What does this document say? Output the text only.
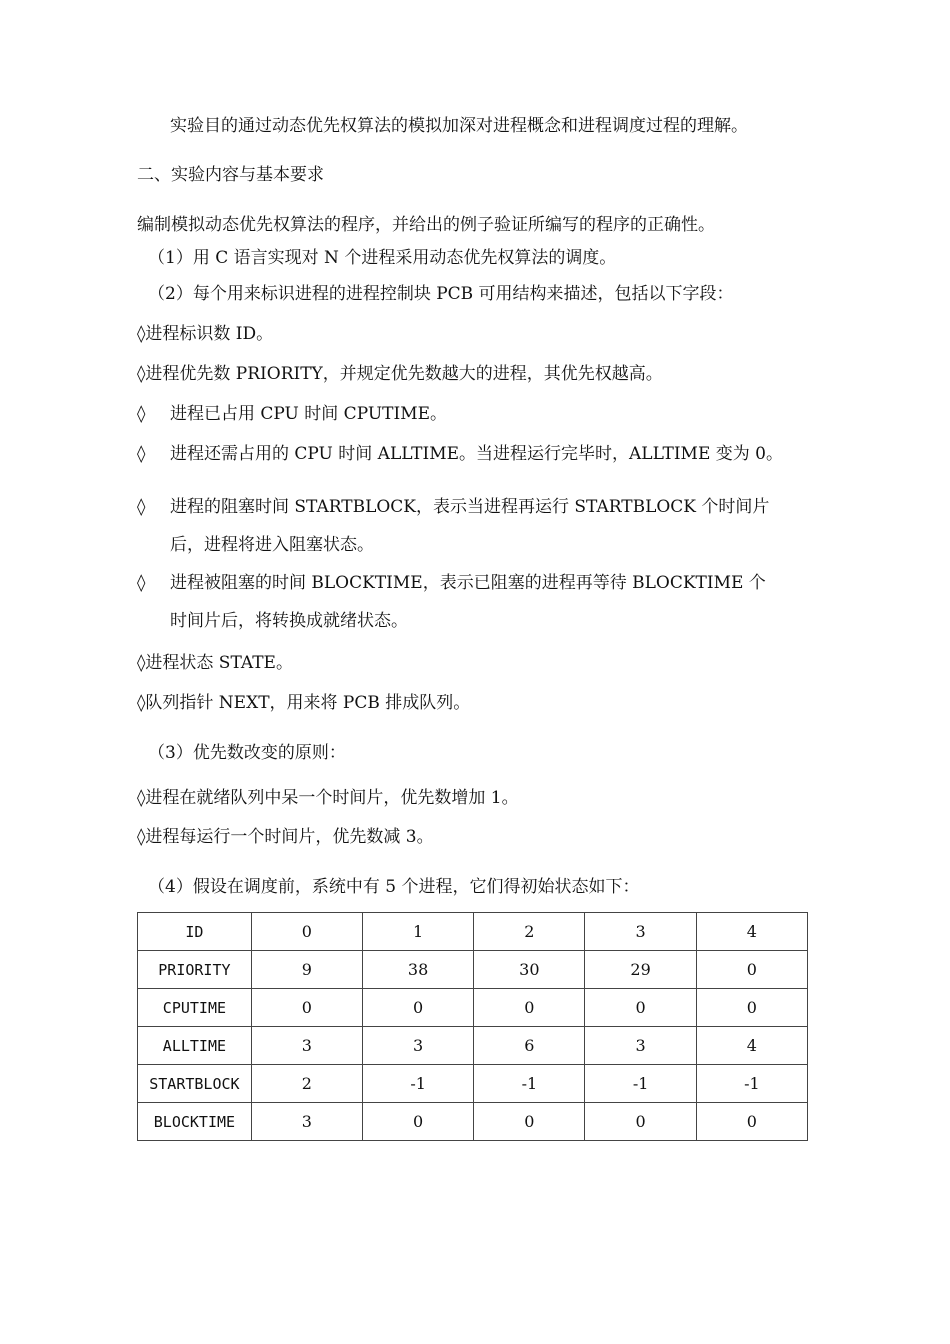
实验目的通过动态优先权算法的模拟加深对进程概念和进程调度过程的理解。
二、实验内容与基本要求
编制模拟动态优先权算法的程序，并给出的例子验证所编写的程序的正确性。
（1）用 C 语言实现对 N 个进程采用动态优先权算法的调度。
（2）每个用来标识进程的进程控制块 PCB 可用结构来描述，包括以下字段：
◊进程标识数 ID。
◊进程优先数 PRIORITY，并规定优先数越大的进程，其优先权越高。
◊ 进程已占用 CPU 时间 CPUTIME。
◊ 进程还需占用的 CPU 时间 ALLTIME。当进程运行完毕时，ALLTIME 变为 0。
◊ 进程的阻塞时间 STARTBLOCK，表示当进程再运行 STARTBLOCK 个时间片
后，进程将进入阻塞状态。
◊ 进程被阻塞的时间 BLOCKTIME，表示已阻塞的进程再等待 BLOCKTIME 个
时间片后，将转换成就绪状态。
◊进程状态 STATE。
◊队列指针 NEXT，用来将 PCB 排成队列。
（3）优先数改变的原则：
◊进程在就绪队列中呆一个时间片，优先数增加 1。
◊进程每运行一个时间片，优先数减 3。
（4）假设在调度前，系统中有 5 个进程，它们得初始状态如下：
ID	0	1	2	3	4
PRIORITY	9	38	30	29	0
CPUTIME	0	0	0	0	0
ALLTIME	3	3	6	3	4
STARTBLOCK	2	-1	-1	-1	-1
BLOCKTIME	3	0	0	0	0
